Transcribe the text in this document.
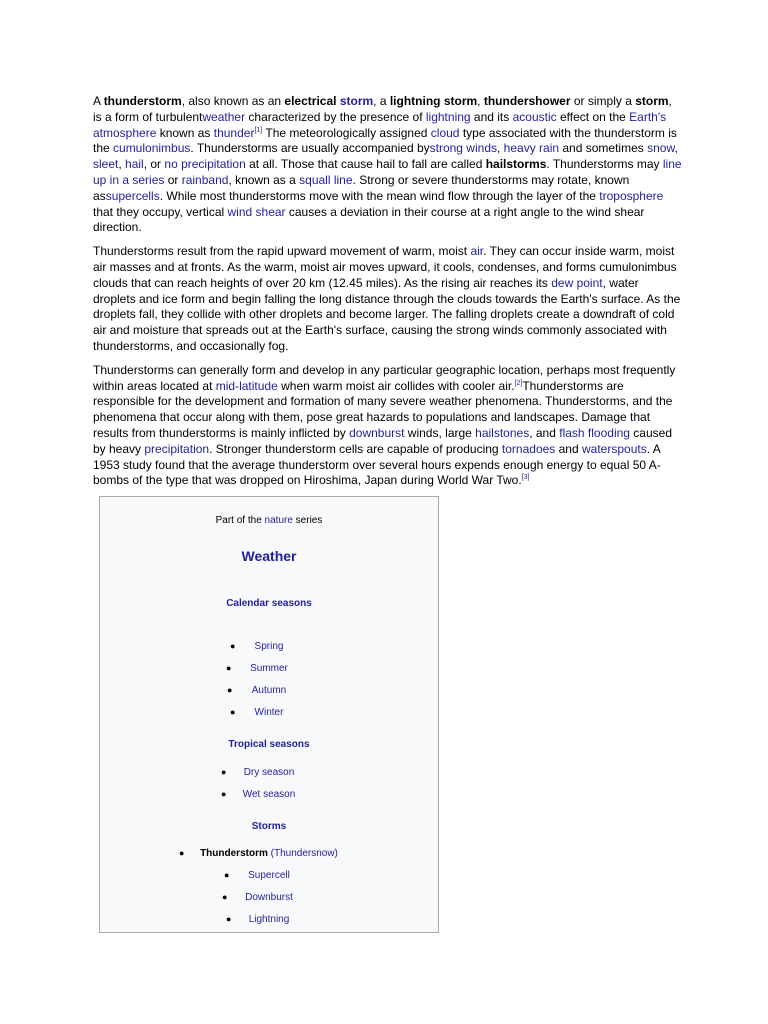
A thunderstorm, also known as an electrical storm, a lightning storm, thundershower or simply a storm, is a form of turbulentweather characterized by the presence of lightning and its acoustic effect on the Earth's atmosphere known as thunder[1] The meteorologically assigned cloud type associated with the thunderstorm is the cumulonimbus. Thunderstorms are usually accompanied bystrong winds, heavy rain and sometimes snow, sleet, hail, or no precipitation at all. Those that cause hail to fall are called hailstorms. Thunderstorms may line up in a series or rainband, known as a squall line. Strong or severe thunderstorms may rotate, known assupercells. While most thunderstorms move with the mean wind flow through the layer of the troposphere that they occupy, vertical wind shear causes a deviation in their course at a right angle to the wind shear direction.

Thunderstorms result from the rapid upward movement of warm, moist air. They can occur inside warm, moist air masses and at fronts. As the warm, moist air moves upward, it cools, condenses, and forms cumulonimbus clouds that can reach heights of over 20 km (12.45 miles). As the rising air reaches its dew point, water droplets and ice form and begin falling the long distance through the clouds towards the Earth's surface. As the droplets fall, they collide with other droplets and become larger. The falling droplets create a downdraft of cold air and moisture that spreads out at the Earth's surface, causing the strong winds commonly associated with thunderstorms, and occasionally fog.

Thunderstorms can generally form and develop in any particular geographic location, perhaps most frequently within areas located at mid-latitude when warm moist air collides with cooler air.[2]Thunderstorms are responsible for the development and formation of many severe weather phenomena. Thunderstorms, and the phenomena that occur along with them, pose great hazards to populations and landscapes. Damage that results from thunderstorms is mainly inflicted by downburst winds, large hailstones, and flash flooding caused by heavy precipitation. Stronger thunderstorm cells are capable of producing tornadoes and waterspouts. A 1953 study found that the average thunderstorm over several hours expends enough energy to equal 50 A-bombs of the type that was dropped on Hiroshima, Japan during World War Two.[3]

Part of the nature series
Weather
Calendar seasons
●	Spring
●	Summer
●	Autumn
●	Winter
Tropical seasons
●	Dry season
●	Wet season
Storms
●	Thunderstorm (Thundersnow)
●	Supercell
●	Downburst
●	Lightning
